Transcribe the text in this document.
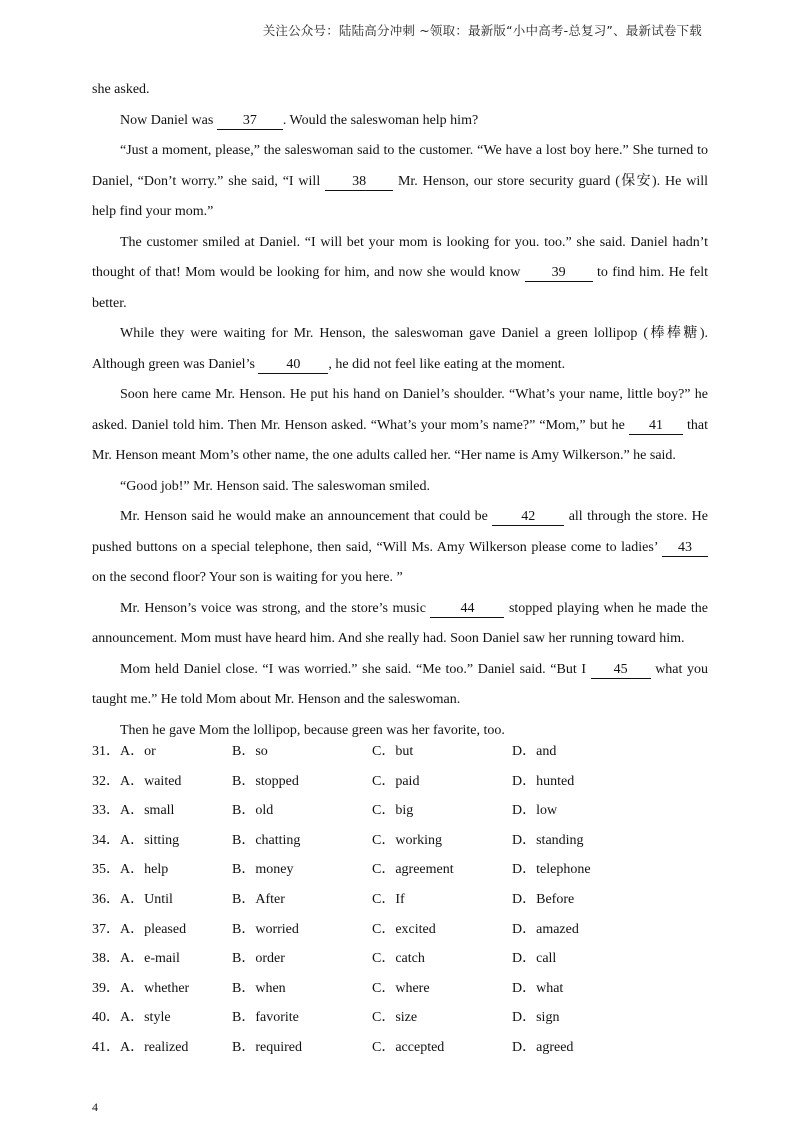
关注公众号：陆陆高分冲刺 ~领取：最新版“小中高考-总复习”、最新试卷下载

she asked.

Now Daniel was 37 . Would the saleswoman help him?

“Just a moment, please,” the saleswoman said to the customer. “We have a lost boy here.” She turned to Daniel, “Don’t worry.” she said, “I will 38 Mr. Henson, our store security guard (保安). He will help find your mom.”

The customer smiled at Daniel. “I will bet your mom is looking for you. too.” she said. Daniel hadn’t thought of that! Mom would be looking for him, and now she would know 39 to find him. He felt better.

While they were waiting for Mr. Henson, the saleswoman gave Daniel a green lollipop (棒棒糖). Although green was Daniel’s 40 , he did not feel like eating at the moment.

Soon here came Mr. Henson. He put his hand on Daniel’s shoulder. “What’s your name, little boy?” he asked. Daniel told him. Then Mr. Henson asked. “What’s your mom’s name?” “Mom,” but he 41 that Mr. Henson meant Mom’s other name, the one adults called her. “Her name is Amy Wilkerson.” he said.

“Good job!” Mr. Henson said. The saleswoman smiled.

Mr. Henson said he would make an announcement that could be 42 all through the store. He pushed buttons on a special telephone, then said, “Will Ms. Amy Wilkerson please come to ladies’ 43 on the second floor? Your son is waiting for you here. ”

Mr. Henson’s voice was strong, and the store’s music 44 stopped playing when he made the announcement. Mom must have heard him. And she really had. Soon Daniel saw her running toward him.

Mom held Daniel close. “I was worried.” she said. “Me too.” Daniel said. “But I 45 what you taught me.” He told Mom about Mr. Henson and the saleswoman.

Then he gave Mom the lollipop, because green was her favorite, too.

31．A．or	B．so	C．but	D．and
32．A．waited	B．stopped	C．paid	D．hunted
33．A．small	B．old	C．big	D．low
34．A．sitting	B．chatting	C．working	D．standing
35．A．help	B．money	C．agreement	D．telephone
36．A．Until	B．After	C．If	D．Before
37．A．pleased	B．worried	C．excited	D．amazed
38．A．e-mail	B．order	C．catch	D．call
39．A．whether	B．when	C．where	D．what
40．A．style	B．favorite	C．size	D．sign
41．A．realized	B．required	C．accepted	D．agreed
4
